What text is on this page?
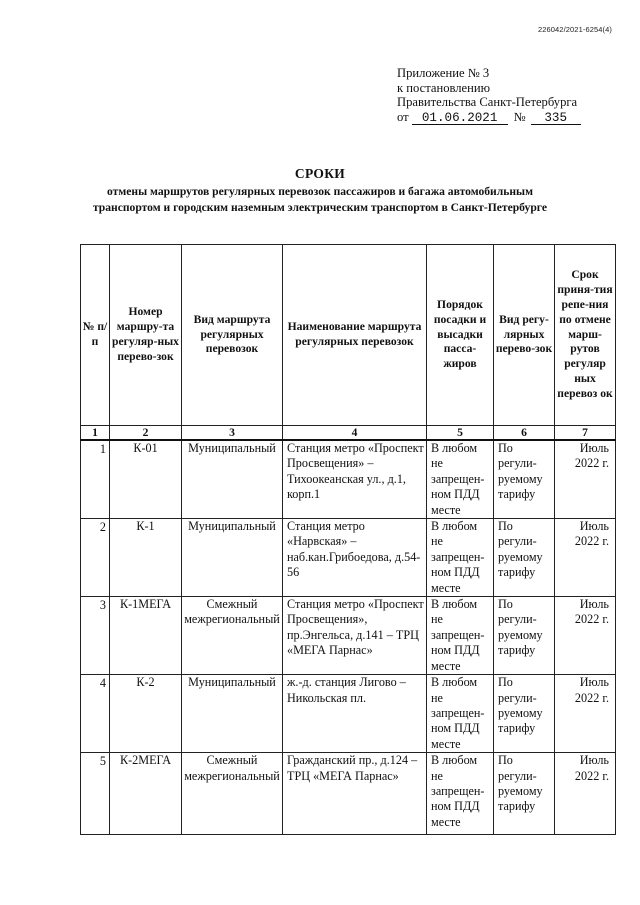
226042/2021-6254(4)
Приложение № 3
к постановлению
Правительства Санкт-Петербурга
от 01.06.2021 № 335
СРОКИ
отмены маршрутов регулярных перевозок пассажиров и багажа автомобильным
транспортом и городским наземным электрическим транспортом в Санкт-Петербурге
№ п/п	Номер маршру-та регуляр-ных перево-зок	Вид маршрута регулярных перевозок	Наименование маршрута регулярных перевозок	Порядок посадки и высадки пасса-жиров	Вид регу-лярных перево-зок	Срок приня-тия репе-ния по отмене марш-рутов регуляр ных перевоз ок
1	2	3	4	5	6	7
1	К-01	Муниципальный	Станция метро «Проспект Просвещения» – Тихоокеанская ул., д.1, корп.1	В любом не запрещен-ном ПДД месте	По регули-руемому тарифу	Июль 2022 г.
2	К-1	Муниципальный	Станция метро «Нарвская» – наб.кан.Грибоедова, д.54-56	В любом не запрещен-ном ПДД месте	По регули-руемому тарифу	Июль 2022 г.
3	К-1МЕГА	Смежный межрегиональный	Станция метро «Проспект Просвещения», пр.Энгельса, д.141 – ТРЦ «МЕГА Парнас»	В любом не запрещен-ном ПДД месте	По регули-руемому тарифу	Июль 2022 г.
4	К-2	Муниципальный	ж.-д. станция Лигово – Никольская пл.	В любом не запрещен-ном ПДД месте	По регули-руемому тарифу	Июль 2022 г.
5	К-2МЕГА	Смежный межрегиональный	Гражданский пр., д.124 – ТРЦ «МЕГА Парнас»	В любом не запрещен-ном ПДД месте	По регули-руемому тарифу	Июль 2022 г.
